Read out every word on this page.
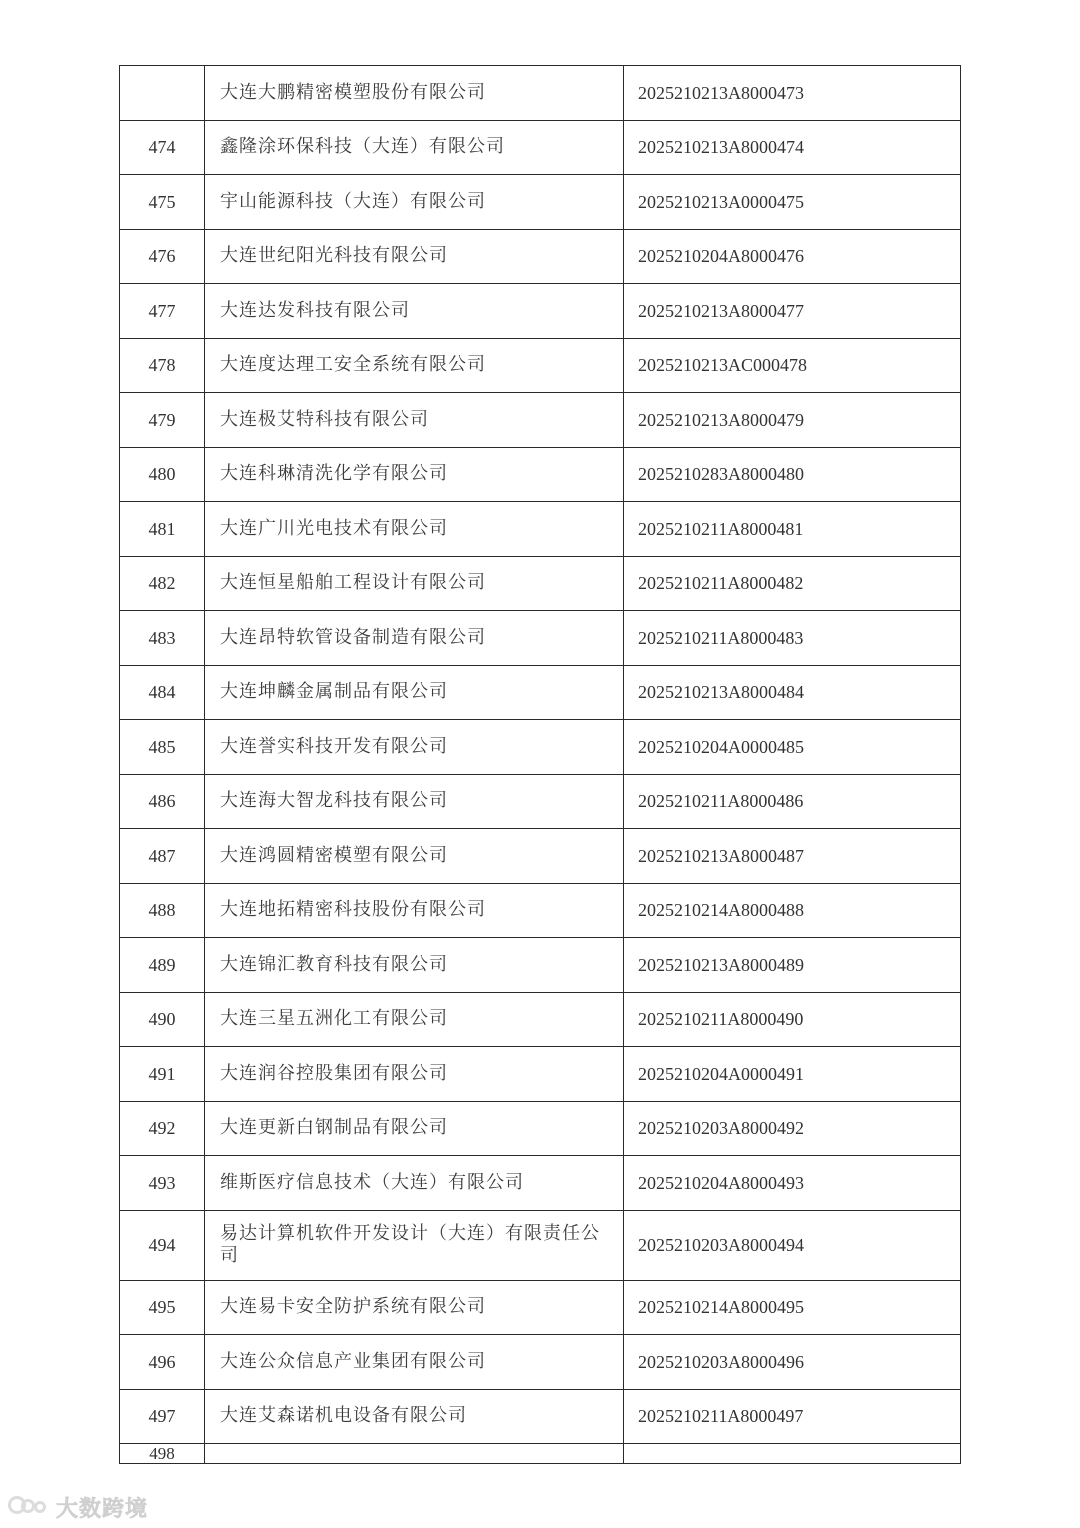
	大连大鹏精密模塑股份有限公司	2025210213A8000473
474	鑫隆涂环保科技（大连）有限公司	2025210213A8000474
475	宇山能源科技（大连）有限公司	2025210213A0000475
476	大连世纪阳光科技有限公司	2025210204A8000476
477	大连达发科技有限公司	2025210213A8000477
478	大连度达理工安全系统有限公司	2025210213AC000478
479	大连极艾特科技有限公司	2025210213A8000479
480	大连科琳清洗化学有限公司	2025210283A8000480
481	大连广川光电技术有限公司	2025210211A8000481
482	大连恒星船舶工程设计有限公司	2025210211A8000482
483	大连昂特软管设备制造有限公司	2025210211A8000483
484	大连坤麟金属制品有限公司	2025210213A8000484
485	大连誉实科技开发有限公司	2025210204A0000485
486	大连海大智龙科技有限公司	2025210211A8000486
487	大连鸿圆精密模塑有限公司	2025210213A8000487
488	大连地拓精密科技股份有限公司	2025210214A8000488
489	大连锦汇教育科技有限公司	2025210213A8000489
490	大连三星五洲化工有限公司	2025210211A8000490
491	大连润谷控股集团有限公司	2025210204A0000491
492	大连更新白钢制品有限公司	2025210203A8000492
493	维斯医疗信息技术（大连）有限公司	2025210204A8000493
494	易达计算机软件开发设计（大连）有限责任公司	2025210203A8000494
495	大连易卡安全防护系统有限公司	2025210214A8000495
496	大连公众信息产业集团有限公司	2025210203A8000496
497	大连艾森诺机电设备有限公司	2025210211A8000497
498		
大数跨境
